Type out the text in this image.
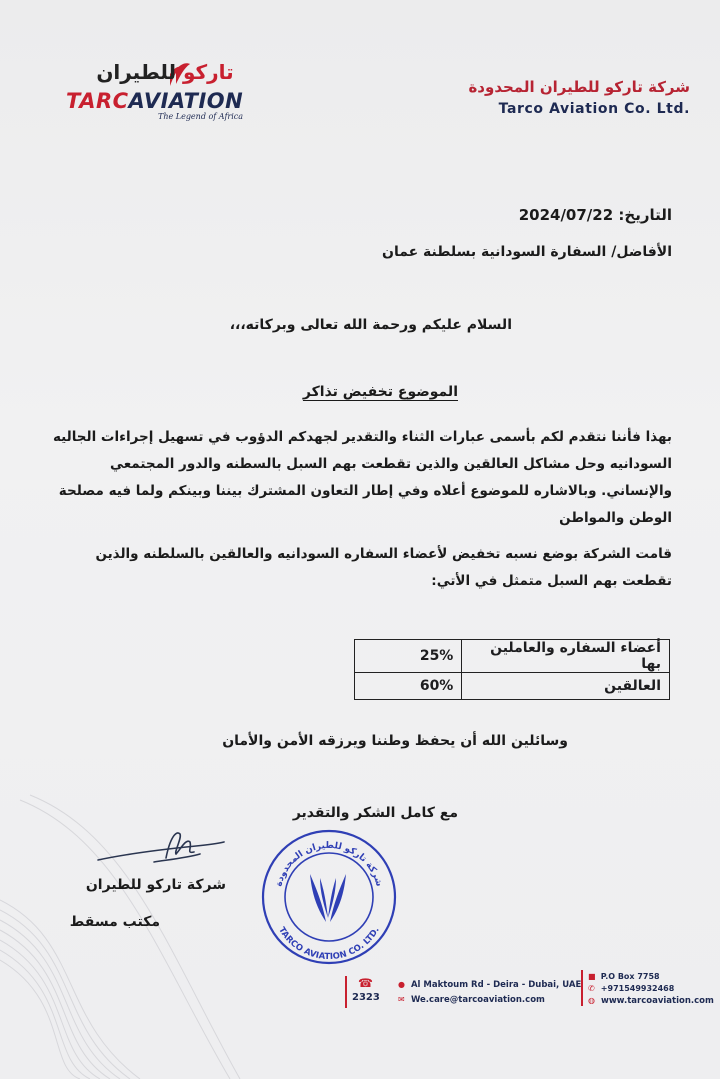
تاركو للطيران
TARCAVIATION
The Legend of Africa
شركة تاركو للطيران المحدودة
Tarco Aviation Co. Ltd.
التاريخ: 2024/07/22
الأفاضل/ السفارة السودانية بسلطنة عمان
السلام عليكم ورحمة الله تعالى وبركاته،،،
الموضوع تخفيض تذاكر
بهذا فأننا نتقدم لكم بأسمى عبارات الثناء والتقدير لجهدكم الدؤوب في تسهيل إجراءات الجاليه السودانيه وحل مشاكل العالقين والذين تقطعت بهم السبل بالسطنه والدور المجتمعي والإنساني. وبالاشاره للموضوع أعلاه وفي إطار التعاون المشترك بيننا وبينكم ولما فيه مصلحة الوطن والمواطن
قامت الشركة بوضع نسبه تخفيض لأعضاء السفاره السودانيه والعالقين بالسلطنه والذين تقطعت بهم السبل متمثل في الأتي:
أعضاء السفاره والعاملين بها	25%
العالقين	60%
وسائلين الله أن يحفظ وطننا ويرزقه الأمن والأمان
مع كامل الشكر والتقدير
شركة تاركو للطيران
مكتب مسقط
شركة تاركو للطيران المحدودة
TARCO AVIATION CO. LTD.
☎
2323
● Al Maktoum Rd - Deira - Dubai, UAE
✉ We.care@tarcoaviation.com
■ P.O Box 7758
✆ +971549932468
◍ www.tarcoaviation.com
